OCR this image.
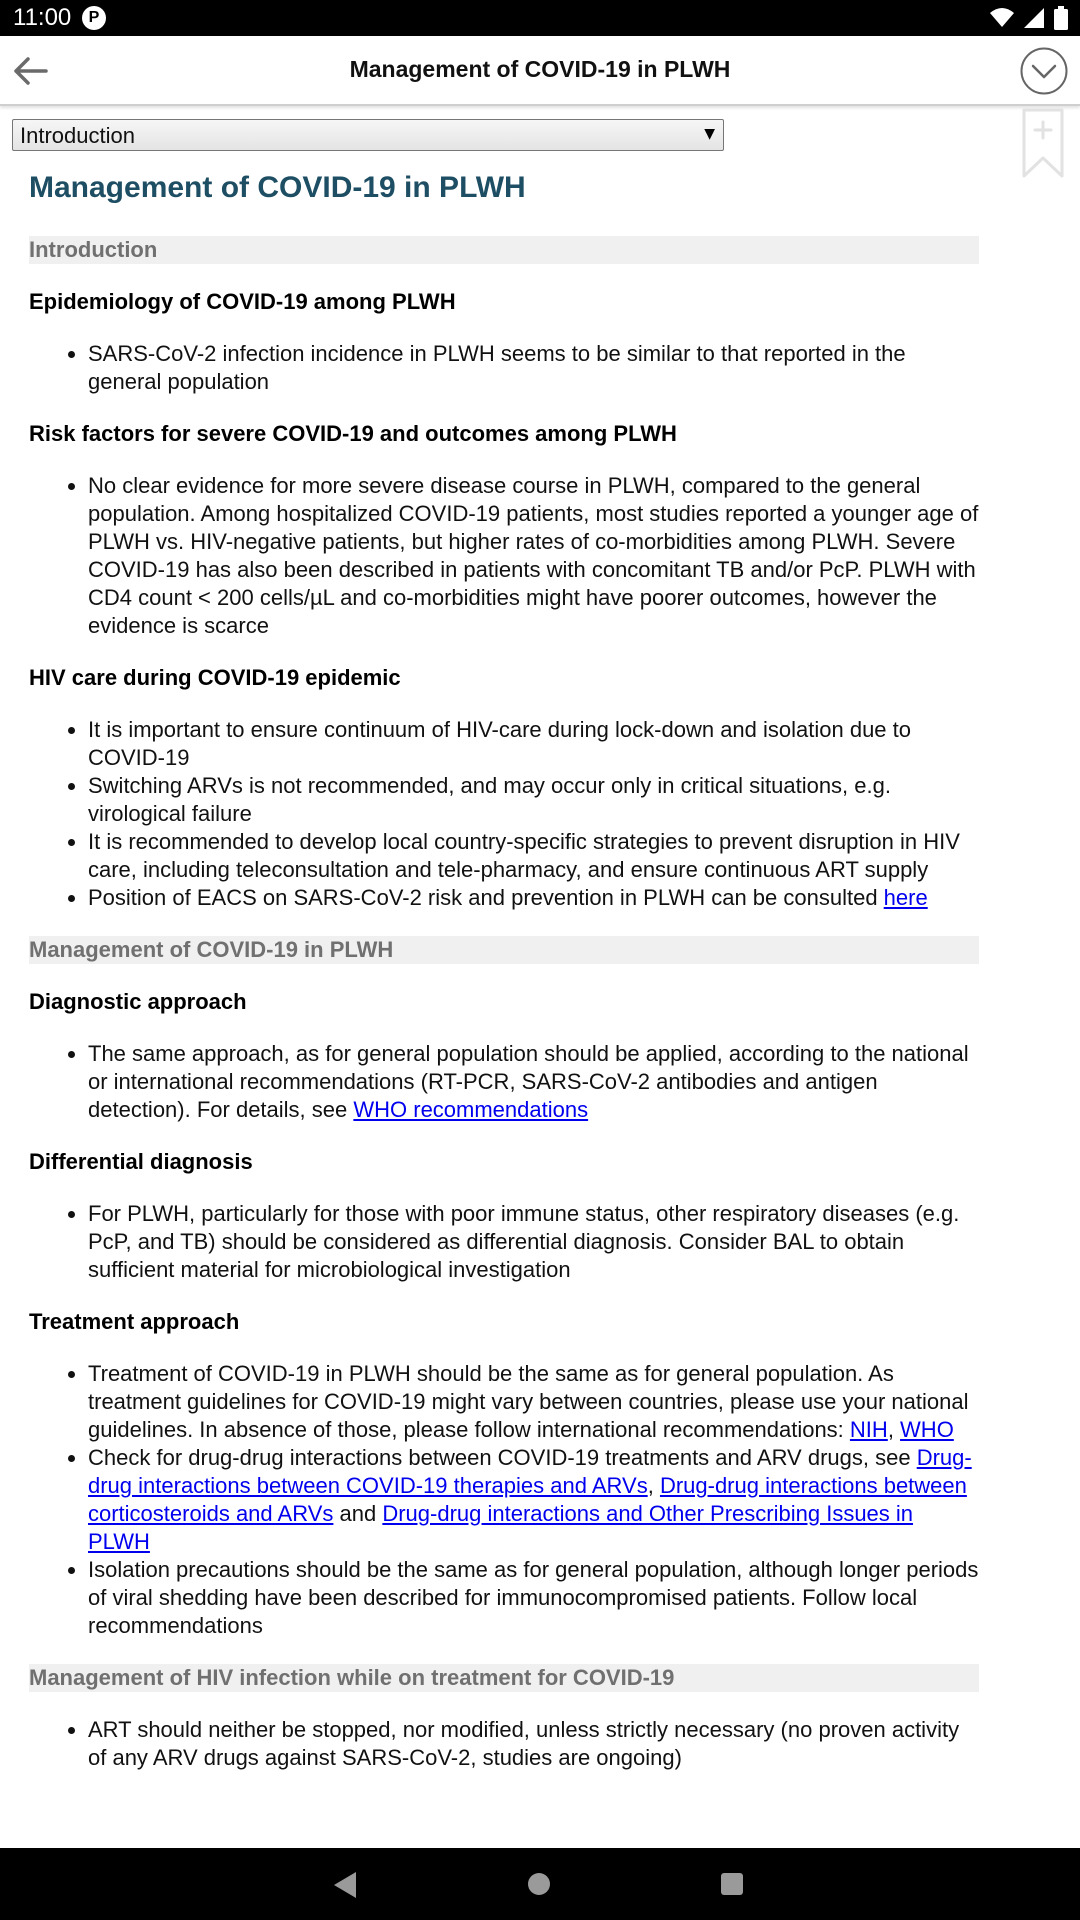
11:00	P
Management of COVID-19 in PLWH
Introduction	▼
Management of COVID-19 in PLWH
Introduction
Epidemiology of COVID-19 among PLWH
• SARS-CoV-2 infection incidence in PLWH seems to be similar to that reported in the general population
Risk factors for severe COVID-19 and outcomes among PLWH
• No clear evidence for more severe disease course in PLWH, compared to the general population. Among hospitalized COVID-19 patients, most studies reported a younger age of PLWH vs. HIV-negative patients, but higher rates of co-morbidities among PLWH. Severe COVID-19 has also been described in patients with concomitant TB and/or PcP. PLWH with CD4 count < 200 cells/µL and co-morbidities might have poorer outcomes, however the evidence is scarce
HIV care during COVID-19 epidemic
• It is important to ensure continuum of HIV-care during lock-down and isolation due to COVID-19
• Switching ARVs is not recommended, and may occur only in critical situations, e.g. virological failure
• It is recommended to develop local country-specific strategies to prevent disruption in HIV care, including teleconsultation and tele-pharmacy, and ensure continuous ART supply
• Position of EACS on SARS-CoV-2 risk and prevention in PLWH can be consulted here
Management of COVID-19 in PLWH
Diagnostic approach
• The same approach, as for general population should be applied, according to the national or international recommendations (RT-PCR, SARS-CoV-2 antibodies and antigen detection). For details, see WHO recommendations
Differential diagnosis
• For PLWH, particularly for those with poor immune status, other respiratory diseases (e.g. PcP, and TB) should be considered as differential diagnosis. Consider BAL to obtain sufficient material for microbiological investigation
Treatment approach
• Treatment of COVID-19 in PLWH should be the same as for general population. As treatment guidelines for COVID-19 might vary between countries, please use your national guidelines. In absence of those, please follow international recommendations: NIH, WHO
• Check for drug-drug interactions between COVID-19 treatments and ARV drugs, see Drug-drug interactions between COVID-19 therapies and ARVs, Drug-drug interactions between corticosteroids and ARVs and Drug-drug interactions and Other Prescribing Issues in PLWH
• Isolation precautions should be the same as for general population, although longer periods of viral shedding have been described for immunocompromised patients. Follow local recommendations
Management of HIV infection while on treatment for COVID-19
• ART should neither be stopped, nor modified, unless strictly necessary (no proven activity of any ARV drugs against SARS-CoV-2, studies are ongoing)
